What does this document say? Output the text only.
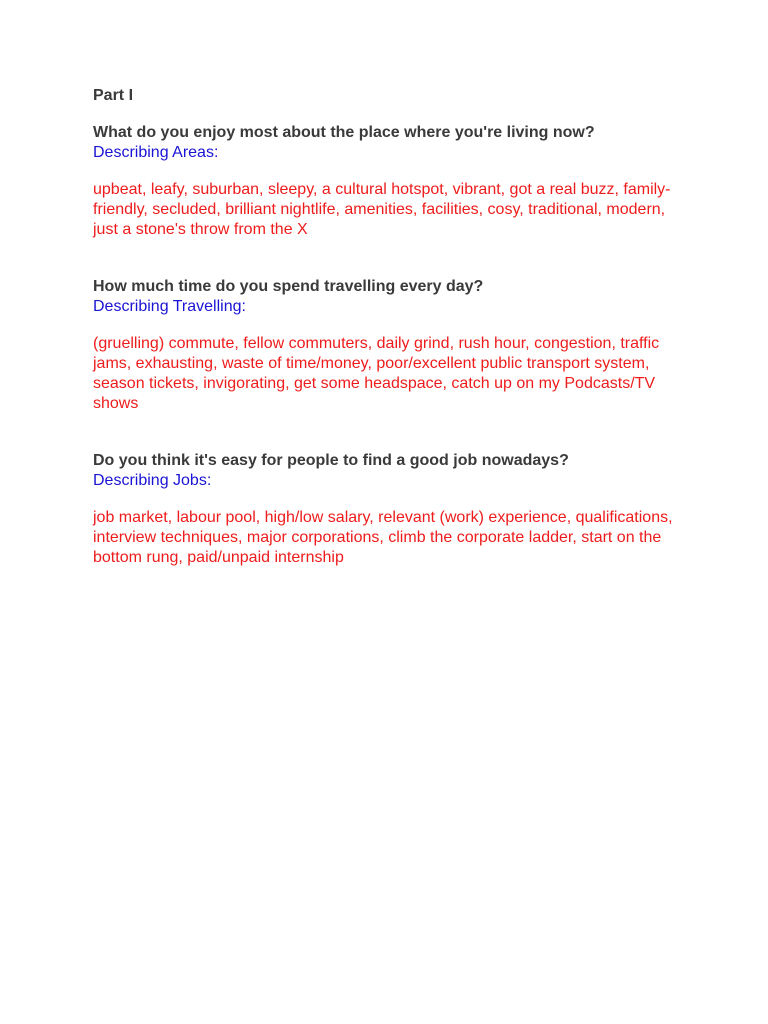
Part I

What do you enjoy most about the place where you're living now?

Describing Areas:

upbeat, leafy, suburban, sleepy, a cultural hotspot, vibrant, got a real buzz, family-friendly, secluded, brilliant nightlife, amenities, facilities, cosy, traditional, modern, just a stone's throw from the X

How much time do you spend travelling every day?

Describing Travelling:

(gruelling) commute, fellow commuters, daily grind, rush hour, congestion, traffic jams, exhausting, waste of time/money, poor/excellent public transport system, season tickets, invigorating, get some headspace, catch up on my Podcasts/TV shows

Do you think it's easy for people to find a good job nowadays?

Describing Jobs:

job market, labour pool, high/low salary, relevant (work) experience, qualifications, interview techniques, major corporations, climb the corporate ladder, start on the bottom rung, paid/unpaid internship
